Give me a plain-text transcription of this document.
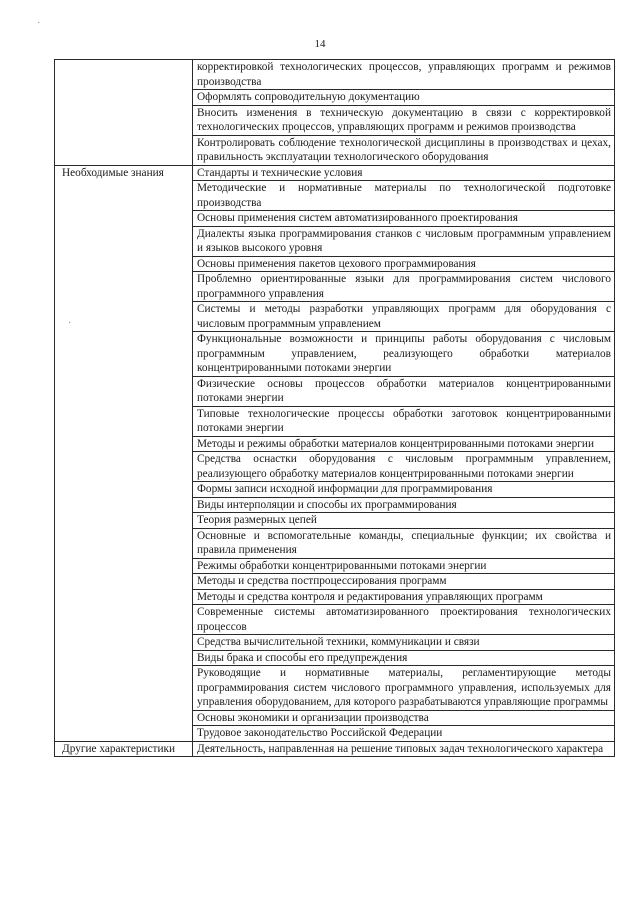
14
	корректировкой технологических процессов, управляющих программ и режимов производства
	Оформлять сопроводительную документацию
	Вносить изменения в техническую документацию в связи с корректировкой технологических процессов, управляющих программ и режимов производства
	Контролировать соблюдение технологической дисциплины в производствах и цехах, правильность эксплуатации технологического оборудования
Необходимые знания	Стандарты и технические условия
	Методические и нормативные материалы по технологической подготовке производства
	Основы применения систем автоматизированного проектирования
	Диалекты языка программирования станков с числовым программным управлением и языков высокого уровня
	Основы применения пакетов цехового программирования
	Проблемно ориентированные языки для программирования систем числового программного управления
	Системы и методы разработки управляющих программ для оборудования с числовым программным управлением
	Функциональные возможности и принципы работы оборудования с числовым программным управлением, реализующего обработки материалов концентрированными потоками энергии
	Физические основы процессов обработки материалов концентрированными потоками энергии
	Типовые технологические процессы обработки заготовок концентрированными потоками энергии
	Методы и режимы обработки материалов концентрированными потоками энергии
	Средства оснастки оборудования с числовым программным управлением, реализующего обработку материалов концентрированными потоками энергии
	Формы записи исходной информации для программирования
	Виды интерполяции и способы их программирования
	Теория размерных цепей
	Основные и вспомогательные команды, специальные функции; их свойства и правила применения
	Режимы обработки концентрированными потоками энергии
	Методы и средства постпроцессирования программ
	Методы и средства контроля и редактирования управляющих программ
	Современные системы автоматизированного проектирования технологических процессов
	Средства вычислительной техники, коммуникации и связи
	Виды брака и способы его предупреждения
	Руководящие и нормативные материалы, регламентирующие методы программирования систем числового программного управления, используемых для управления оборудованием, для которого разрабатываются управляющие программы
	Основы экономики и организации производства
	Трудовое законодательство Российской Федерации
Другие характеристики	Деятельность, направленная на решение типовых задач технологического характера
·
·
